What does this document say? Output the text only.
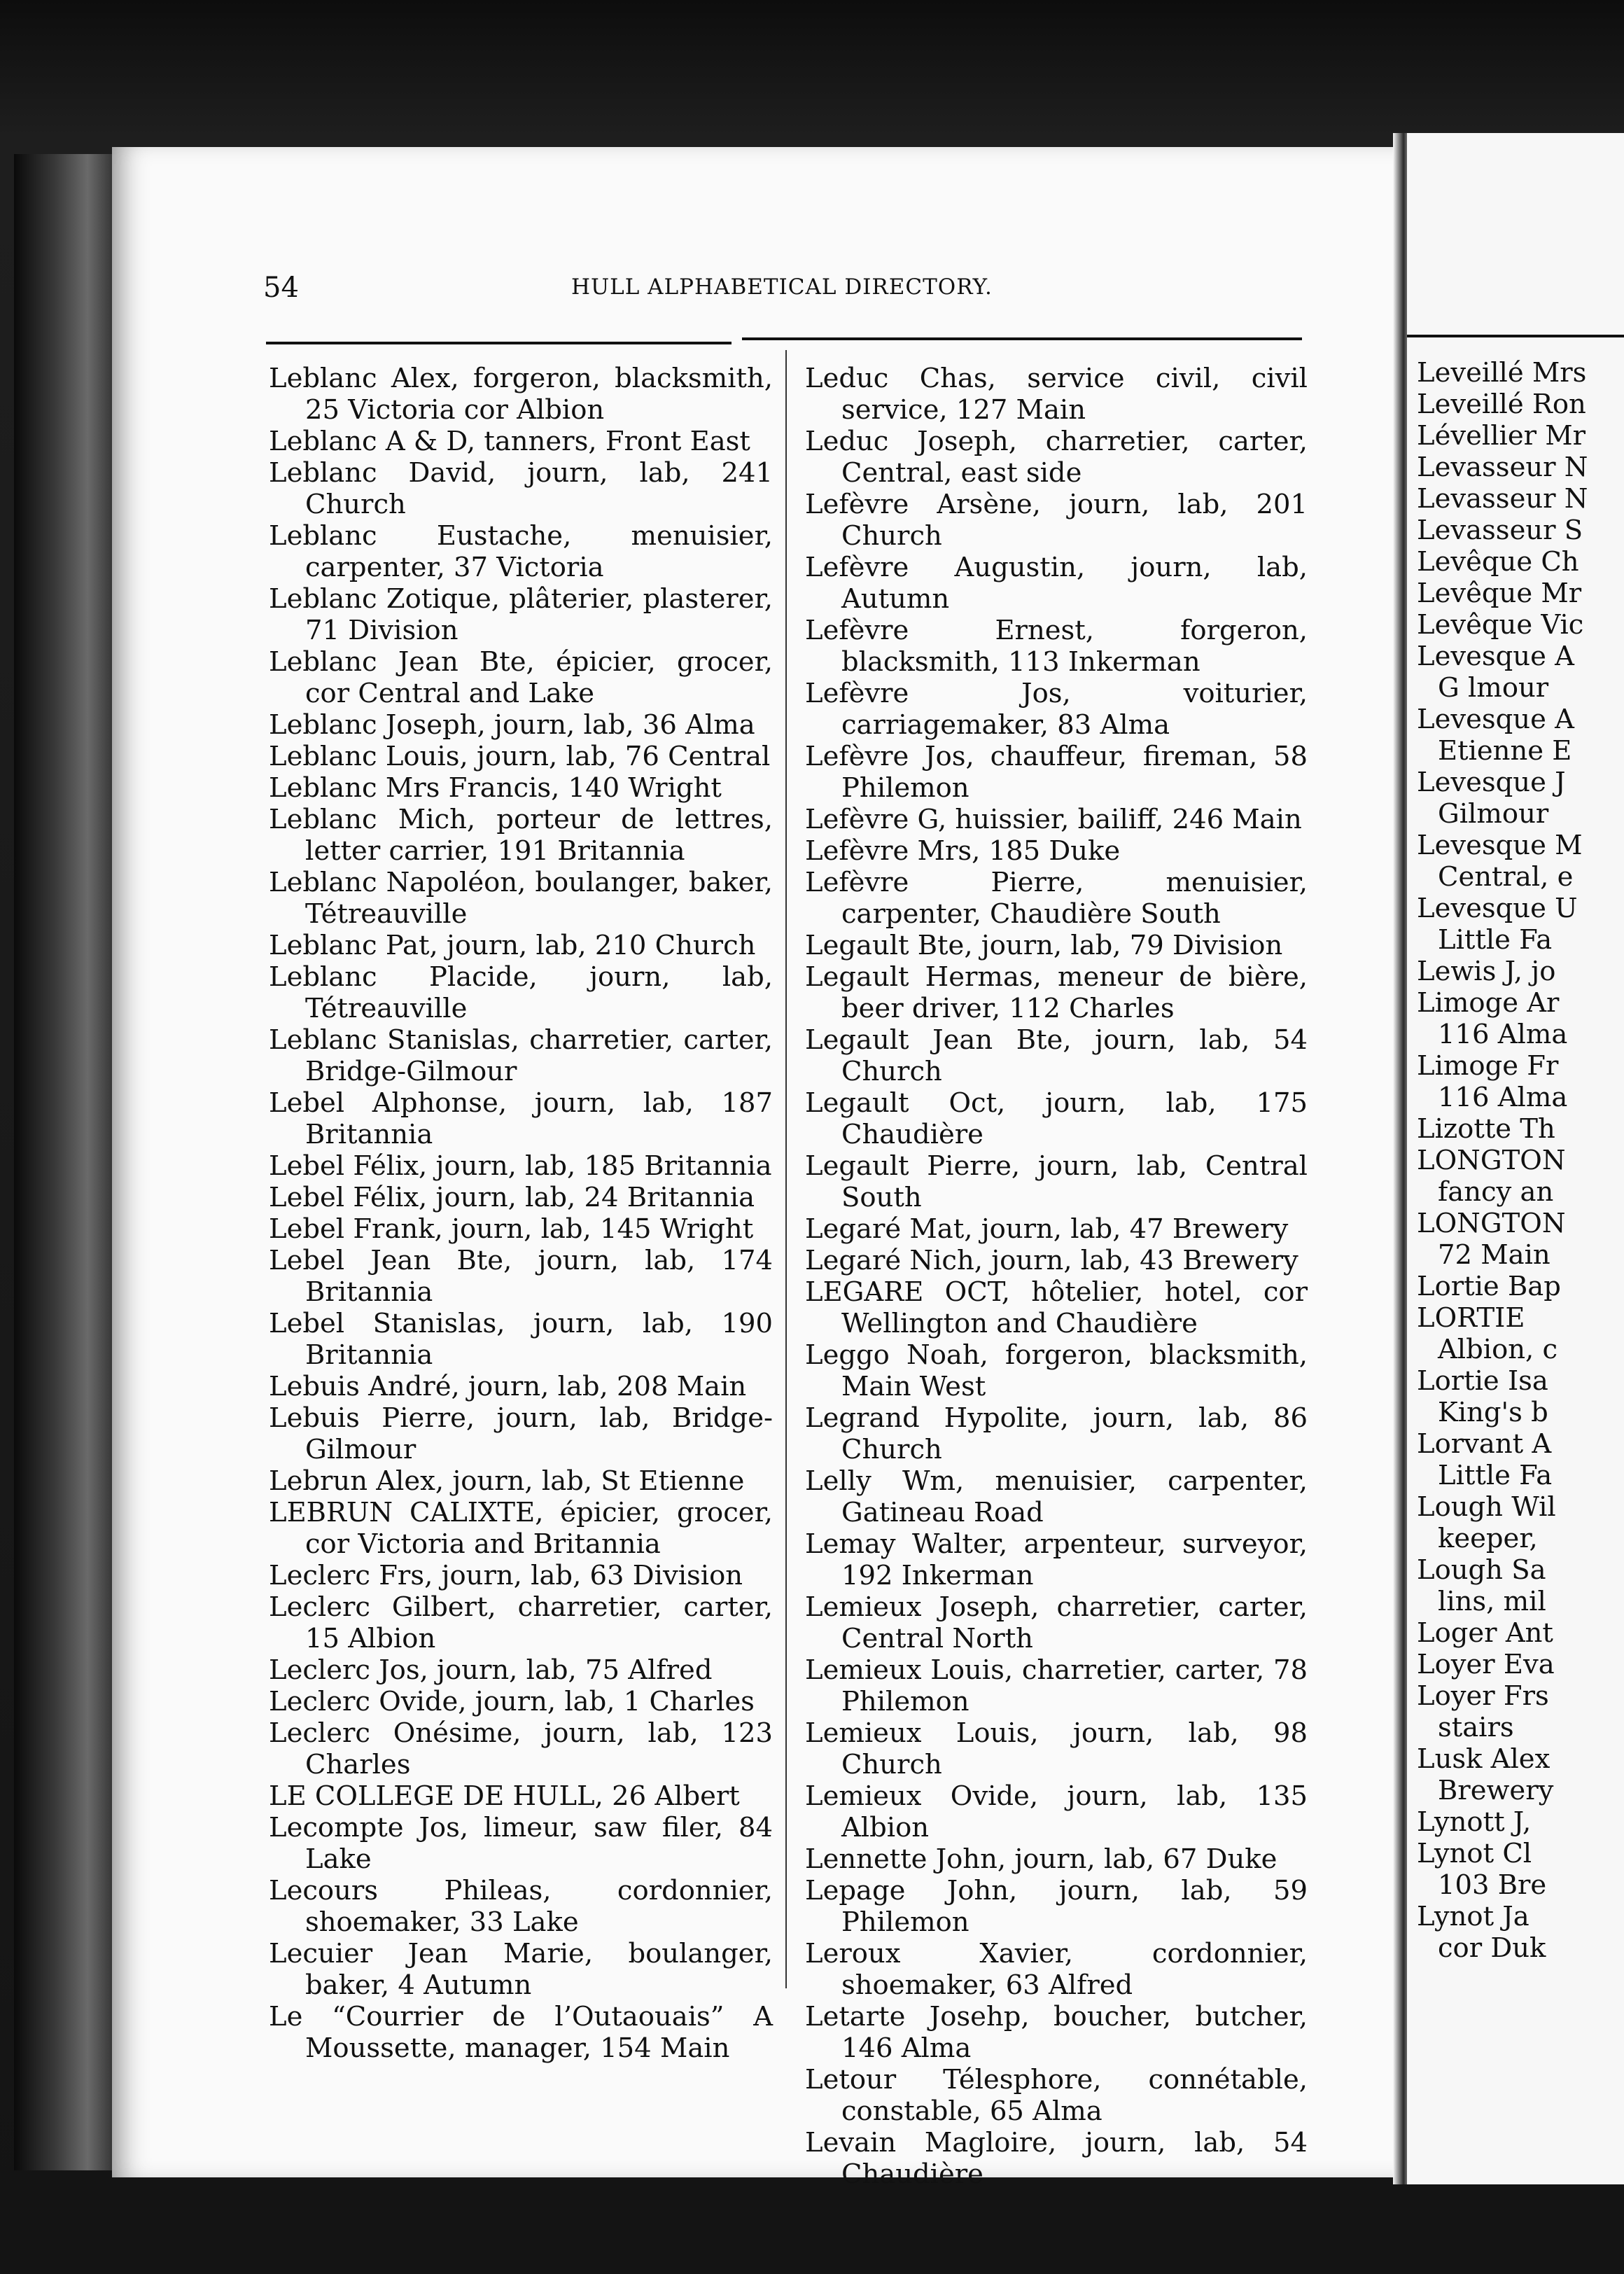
54	HULL ALPHABETICAL DIRECTORY.
Leblanc Alex, forgeron, blacksmith, 25 Victoria cor Albion
Leblanc A & D, tanners, Front East
Leblanc David, journ, lab, 241 Church
Leblanc Eustache, menuisier, carpenter, 37 Victoria
Leblanc Zotique, plâterier, plasterer, 71 Division
Leblanc Jean Bte, épicier, grocer, cor Central and Lake
Leblanc Joseph, journ, lab, 36 Alma
Leblanc Louis, journ, lab, 76 Central
Leblanc Mrs Francis, 140 Wright
Leblanc Mich, porteur de lettres, letter carrier, 191 Britannia
Leblanc Napoléon, boulanger, baker, Tétreauville
Leblanc Pat, journ, lab, 210 Church
Leblanc Placide, journ, lab, Tétreauville
Leblanc Stanislas, charretier, carter, Bridge-Gilmour
Lebel Alphonse, journ, lab, 187 Britannia
Lebel Félix, journ, lab, 185 Britannia
Lebel Félix, journ, lab, 24 Britannia
Lebel Frank, journ, lab, 145 Wright
Lebel Jean Bte, journ, lab, 174 Britannia
Lebel Stanislas, journ, lab, 190 Britannia
Lebuis André, journ, lab, 208 Main
Lebuis Pierre, journ, lab, Bridge-Gilmour
Lebrun Alex, journ, lab, St Etienne
LEBRUN CALIXTE, épicier, grocer, cor Victoria and Britannia
Leclerc Frs, journ, lab, 63 Division
Leclerc Gilbert, charretier, carter, 15 Albion
Leclerc Jos, journ, lab, 75 Alfred
Leclerc Ovide, journ, lab, 1 Charles
Leclerc Onésime, journ, lab, 123 Charles
LE COLLEGE DE HULL, 26 Albert
Lecompte Jos, limeur, saw filer, 84 Lake
Lecours Phileas, cordonnier, shoemaker, 33 Lake
Lecuier Jean Marie, boulanger, baker, 4 Autumn
Le “Courrier de l’Outaouais” A Moussette, manager, 154 Main
Leduc Chas, service civil, civil service, 127 Main
Leduc Joseph, charretier, carter, Central, east side
Lefèvre Arsène, journ, lab, 201 Church
Lefèvre Augustin, journ, lab, Autumn
Lefèvre Ernest, forgeron, blacksmith, 113 Inkerman
Lefèvre Jos, voiturier, carriagemaker, 83 Alma
Lefèvre Jos, chauffeur, fireman, 58 Philemon
Lefèvre G, huissier, bailiff, 246 Main
Lefèvre Mrs, 185 Duke
Lefèvre Pierre, menuisier, carpenter, Chaudière South
Legault Bte, journ, lab, 79 Division
Legault Hermas, meneur de bière, beer driver, 112 Charles
Legault Jean Bte, journ, lab, 54 Church
Legault Oct, journ, lab, 175 Chaudière
Legault Pierre, journ, lab, Central South
Legaré Mat, journ, lab, 47 Brewery
Legaré Nich, journ, lab, 43 Brewery
LEGARE OCT, hôtelier, hotel, cor Wellington and Chaudière
Leggo Noah, forgeron, blacksmith, Main West
Legrand Hypolite, journ, lab, 86 Church
Lelly Wm, menuisier, carpenter, Gatineau Road
Lemay Walter, arpenteur, surveyor, 192 Inkerman
Lemieux Joseph, charretier, carter, Central North
Lemieux Louis, charretier, carter, 78 Philemon
Lemieux Louis, journ, lab, 98 Church
Lemieux Ovide, journ, lab, 135 Albion
Lennette John, journ, lab, 67 Duke
Lepage John, journ, lab, 59 Philemon
Leroux Xavier, cordonnier, shoemaker, 63 Alfred
Letarte Josehp, boucher, butcher, 146 Alma
Letour Télesphore, connétable, constable, 65 Alma
Levain Magloire, journ, lab, 54 Chaudière
Leveillé Mrs
Leveillé Ron
Lévellier Mr
Levasseur N
Levasseur N
Levasseur S
Levêque Ch
Levêque Mr
Levêque Vic
Levesque A
G lmour
Levesque A
Etienne E
Levesque J
Gilmour
Levesque M
Central, e
Levesque U
Little Fa
Lewis J, jo
Limoge Ar
116 Alma
Limoge Fr
116 Alma
Lizotte Th
LONGTON
fancy an
LONGTON
72 Main
Lortie Bap
LORTIE
Albion, c
Lortie Isa
King's b
Lorvant A
Little Fa
Lough Wil
keeper,
Lough Sa
lins, mil
Loger Ant
Loyer Eva
Loyer Frs
stairs
Lusk Alex
Brewery
Lynott J,
Lynot Cl
103 Bre
Lynot Ja
cor Duk
